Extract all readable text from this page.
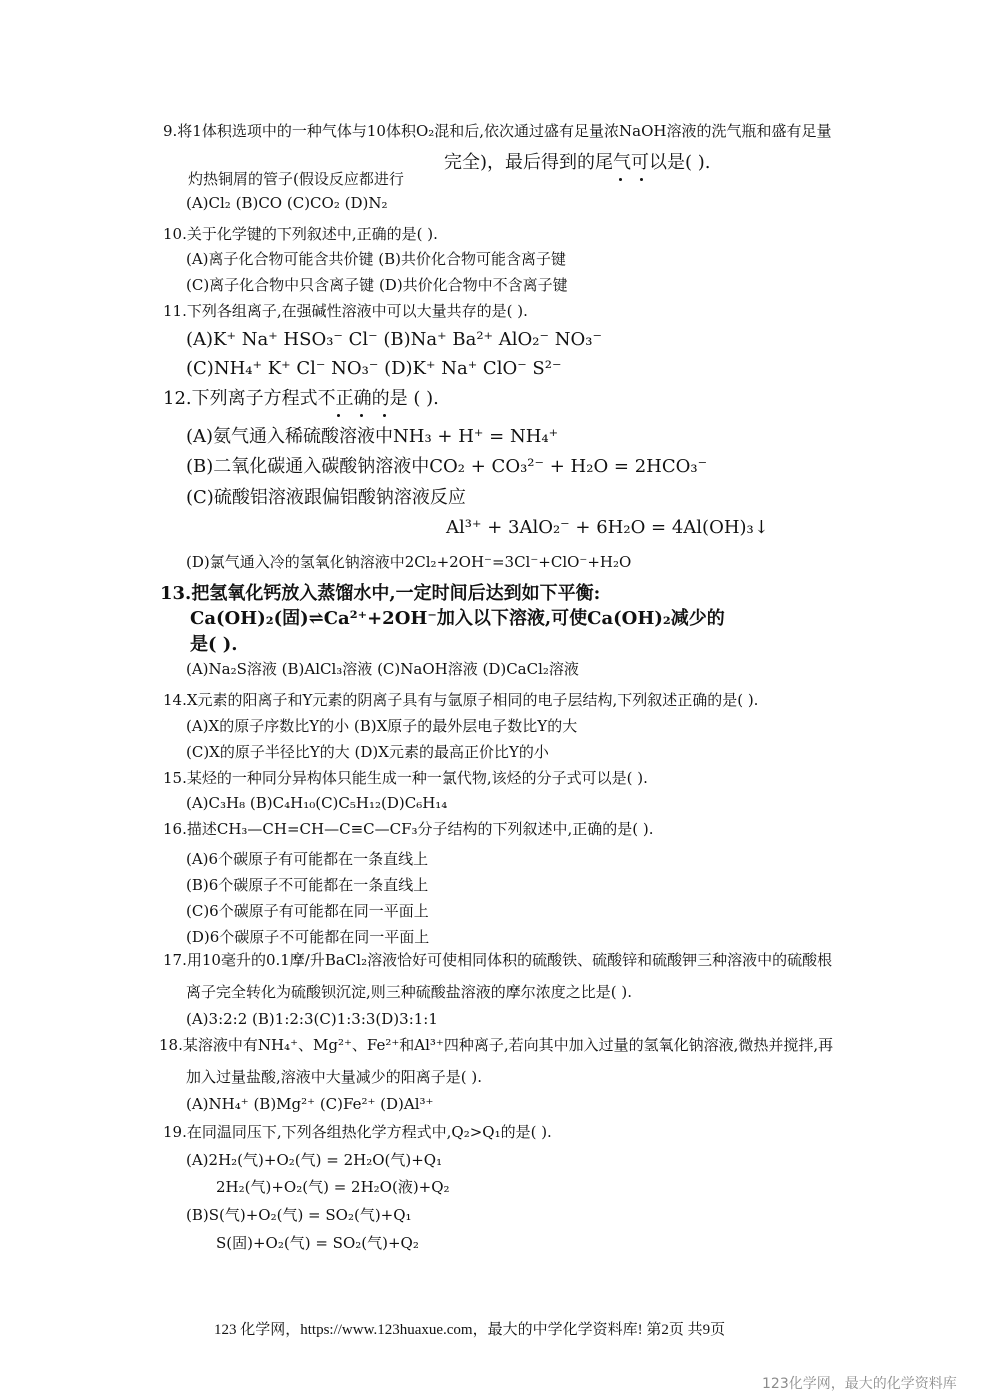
9.将1体积选项中的一种气体与10体积O₂混和后,依次通过盛有足量浓NaOH溶液的洗气瓶和盛有足量
完全)，最后得到的尾气可以是( ).
灼热铜屑的管子(假设反应都进行
(A)Cl₂ (B)CO (C)CO₂ (D)N₂
10.关于化学键的下列叙述中,正确的是( ).
(A)离子化合物可能含共价键 (B)共价化合物可能含离子键
(C)离子化合物中只含离子键 (D)共价化合物中不含离子键
11.下列各组离子,在强碱性溶液中可以大量共存的是( ).
(A)K⁺ Na⁺ HSO₃⁻ Cl⁻ (B)Na⁺ Ba²⁺ AlO₂⁻ NO₃⁻
(C)NH₄⁺ K⁺ Cl⁻ NO₃⁻ (D)K⁺ Na⁺ ClO⁻ S²⁻
12.下列离子方程式不正确的是 ( ).
(A)氨气通入稀硫酸溶液中NH₃ + H⁺ = NH₄⁺
(B)二氧化碳通入碳酸钠溶液中CO₂ + CO₃²⁻ + H₂O = 2HCO₃⁻
(C)硫酸铝溶液跟偏铝酸钠溶液反应
Al³⁺ + 3AlO₂⁻ + 6H₂O = 4Al(OH)₃↓
(D)氯气通入冷的氢氧化钠溶液中2Cl₂+2OH⁻=3Cl⁻+ClO⁻+H₂O
13.把氢氧化钙放入蒸馏水中,一定时间后达到如下平衡:
Ca(OH)₂(固)⇌Ca²⁺+2OH⁻加入以下溶液,可使Ca(OH)₂减少的
是( ).
(A)Na₂S溶液 (B)AlCl₃溶液 (C)NaOH溶液 (D)CaCl₂溶液
14.X元素的阳离子和Y元素的阴离子具有与氩原子相同的电子层结构,下列叙述正确的是( ).
(A)X的原子序数比Y的小 (B)X原子的最外层电子数比Y的大
(C)X的原子半径比Y的大 (D)X元素的最高正价比Y的小
15.某烃的一种同分异构体只能生成一种一氯代物,该烃的分子式可以是( ).
(A)C₃H₈ (B)C₄H₁₀(C)C₅H₁₂(D)C₆H₁₄
16.描述CH₃—CH=CH—C≡C—CF₃分子结构的下列叙述中,正确的是( ).
(A)6个碳原子有可能都在一条直线上
(B)6个碳原子不可能都在一条直线上
(C)6个碳原子有可能都在同一平面上
(D)6个碳原子不可能都在同一平面上
17.用10毫升的0.1摩/升BaCl₂溶液恰好可使相同体积的硫酸铁、硫酸锌和硫酸钾三种溶液中的硫酸根
离子完全转化为硫酸钡沉淀,则三种硫酸盐溶液的摩尔浓度之比是( ).
(A)3:2:2 (B)1:2:3(C)1:3:3(D)3:1:1
18.某溶液中有NH₄⁺、Mg²⁺、Fe²⁺和Al³⁺四种离子,若向其中加入过量的氢氧化钠溶液,微热并搅拌,再
加入过量盐酸,溶液中大量减少的阳离子是( ).
(A)NH₄⁺ (B)Mg²⁺ (C)Fe²⁺ (D)Al³⁺
19.在同温同压下,下列各组热化学方程式中,Q₂>Q₁的是( ).
(A)2H₂(气)+O₂(气) = 2H₂O(气)+Q₁
2H₂(气)+O₂(气) = 2H₂O(液)+Q₂
(B)S(气)+O₂(气) = SO₂(气)+Q₁
S(固)+O₂(气) = SO₂(气)+Q₂
123 化学网，https://www.123huaxue.com，最大的中学化学资料库! 第2页 共9页
123化学网，最大的化学资料库
